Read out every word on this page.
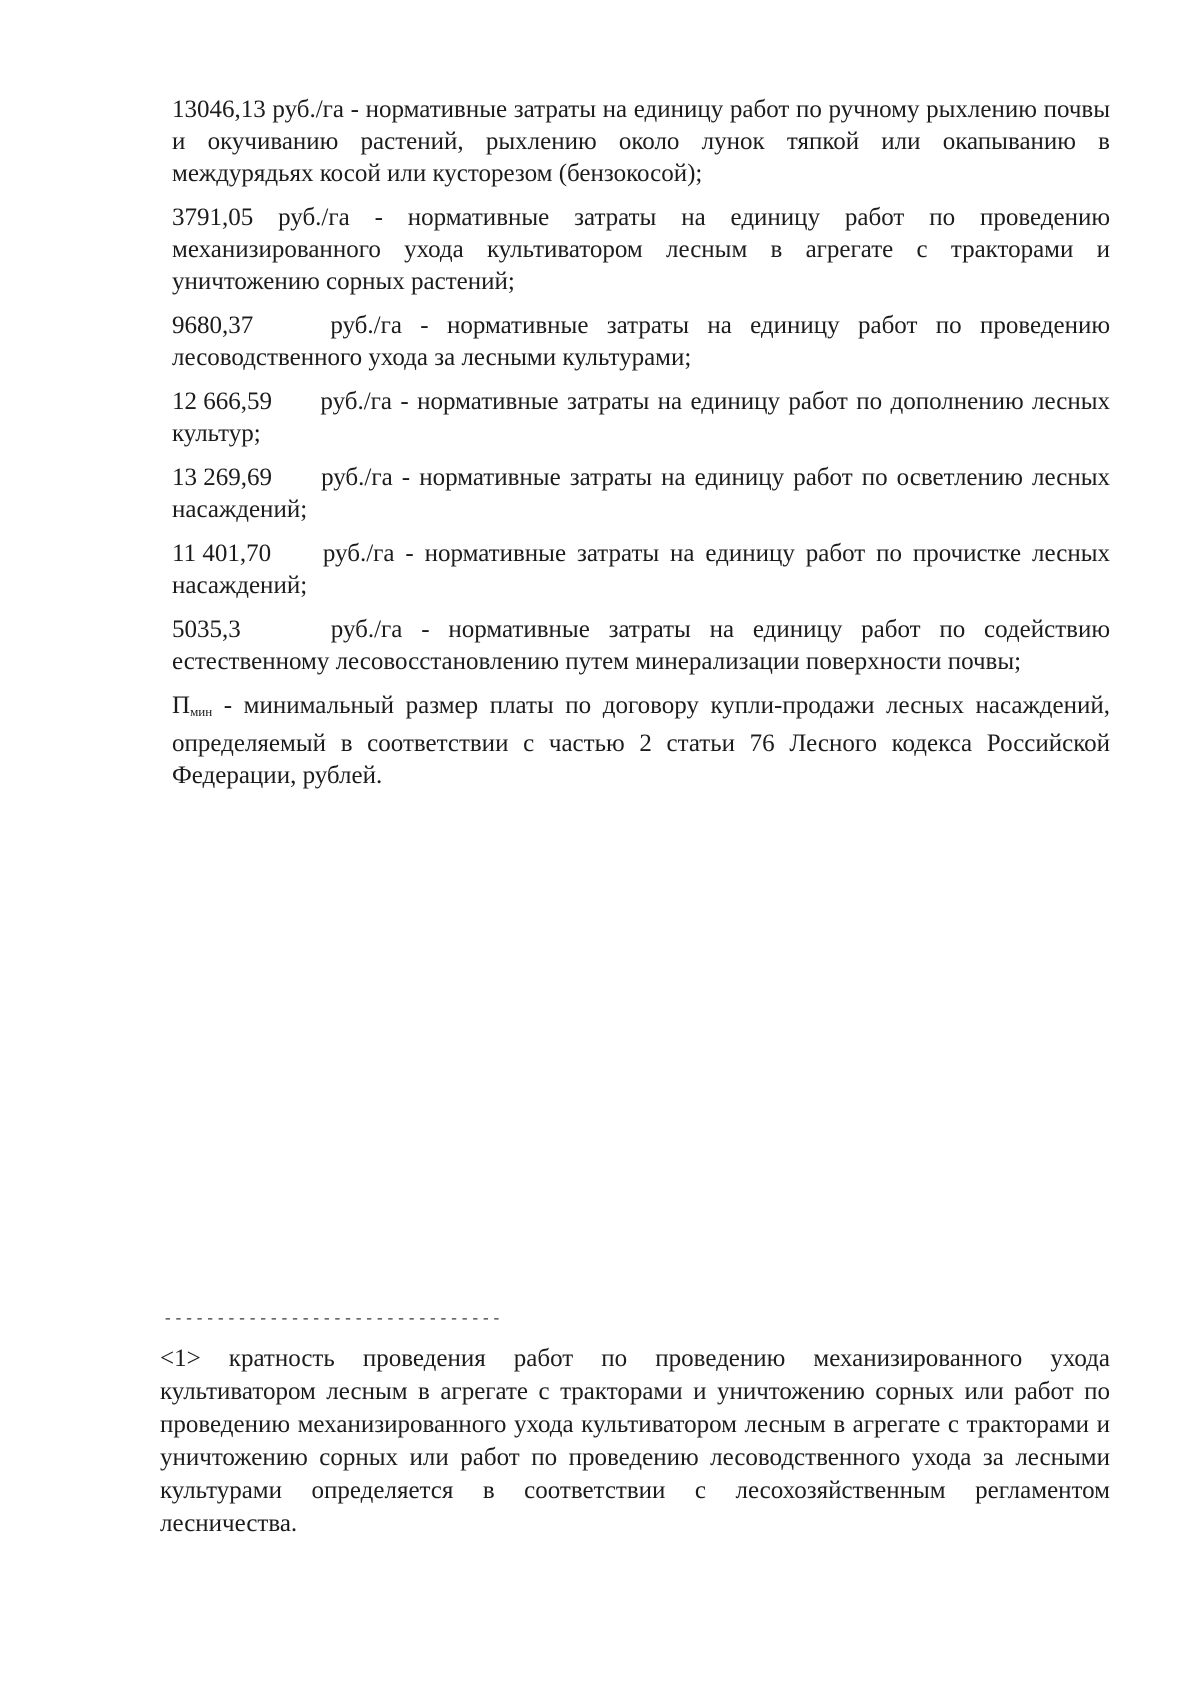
13046,13 руб./га - нормативные затраты на единицу работ по ручному рыхлению почвы и окучиванию растений, рыхлению около лунок тяпкой или окапыванию в междурядьях косой или кусторезом (бензокосой);

3791,05 руб./га - нормативные затраты на единицу работ по проведению механизированного ухода культиватором лесным в агрегате с тракторами и уничтожению сорных растений;

9680,37	руб./га - нормативные затраты на единицу работ по проведению лесоводственного ухода за лесными культурами;

12 666,59 руб./га - нормативные затраты на единицу работ по дополнению лесных культур;

13 269,69 руб./га - нормативные затраты на единицу работ по осветлению лесных насаждений;

11 401,70 руб./га - нормативные затраты на единицу работ по прочистке лесных насаждений;

5035,3	руб./га - нормативные затраты на единицу работ по содействию естественному лесовосстановлению путем минерализации поверхности почвы;

$П_{мин}$ - минимальный размер платы по договору купли-продажи лесных насаждений, определяемый в соответствии с частью 2 статьи 76 Лесного кодекса Российской Федерации, рублей.

--------------------------------

<1> кратность проведения работ по проведению механизированного ухода культиватором лесным в агрегате с тракторами и уничтожению сорных или работ по проведению механизированного ухода культиватором лесным в агрегате с тракторами и уничтожению сорных или работ по проведению лесоводственного ухода за лесными культурами определяется в соответствии с лесохозяйственным регламентом лесничества.
